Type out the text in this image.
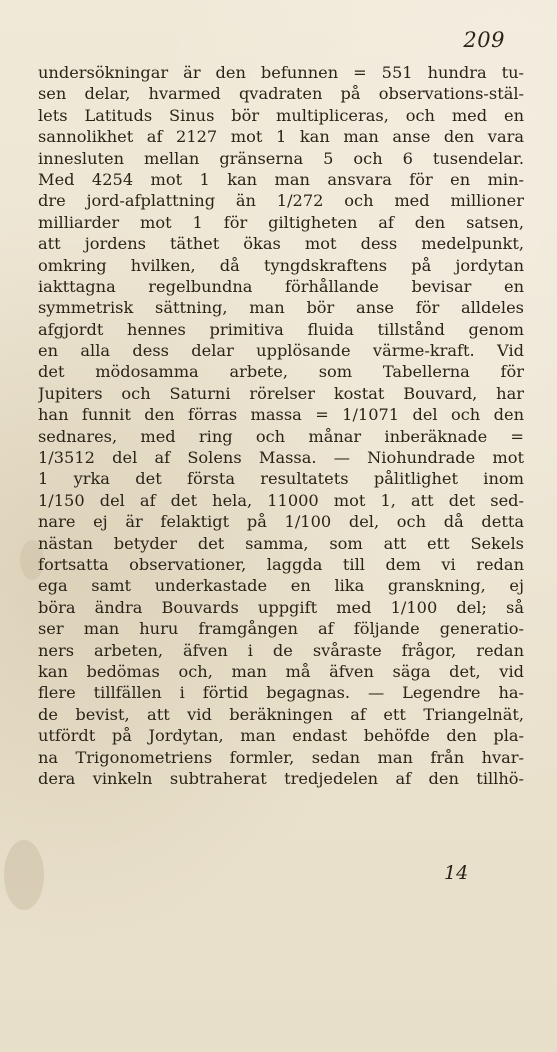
209
undersökningar är den befunnen = 551 hundra tu-
sen delar, hvarmed qvadraten på observations-stäl-
lets Latituds Sinus bör multipliceras, och med en
sannolikhet af 2127 mot 1 kan man anse den vara
innesluten mellan gränserna 5 och 6 tusendelar.
Med 4254 mot 1 kan man ansvara för en min-
dre jord-afplattning än 1/272 och med millioner
milliarder mot 1 för giltigheten af den satsen,
att jordens täthet ökas mot dess medelpunkt,
omkring hvilken, då tyngdskraftens på jordytan
iakttagna regelbundna förhållande bevisar en
symmetrisk sättning, man bör anse för alldeles
afgjordt hennes primitiva fluida tillstånd genom
en alla dess delar upplösande värme-kraft. Vid
det mödosamma arbete, som Tabellerna för
Jupiters och Saturni rörelser kostat Bouvard, har
han funnit den förras massa = 1/1071 del och den
sednares, med ring och månar inberäknade =
1/3512 del af Solens Massa. — Niohundrade mot
1 yrka det första resultatets pålitlighet inom
1/150 del af det hela, 11000 mot 1, att det sed-
nare ej är felaktigt på 1/100 del, och då detta
nästan betyder det samma, som att ett Sekels
fortsatta observationer, laggda till dem vi redan
ega samt underkastade en lika granskning, ej
böra ändra Bouvards uppgift med 1/100 del; så
ser man huru framgången af följande generatio-
ners arbeten, äfven i de svåraste frågor, redan
kan bedömas och, man må äfven säga det, vid
flere tillfällen i förtid begagnas. — Legendre ha-
de bevist, att vid beräkningen af ett Triangelnät,
utfördt på Jordytan, man endast behöfde den pla-
na Trigonometriens formler, sedan man från hvar-
dera vinkeln subtraherat tredjedelen af den tillhö-
14
